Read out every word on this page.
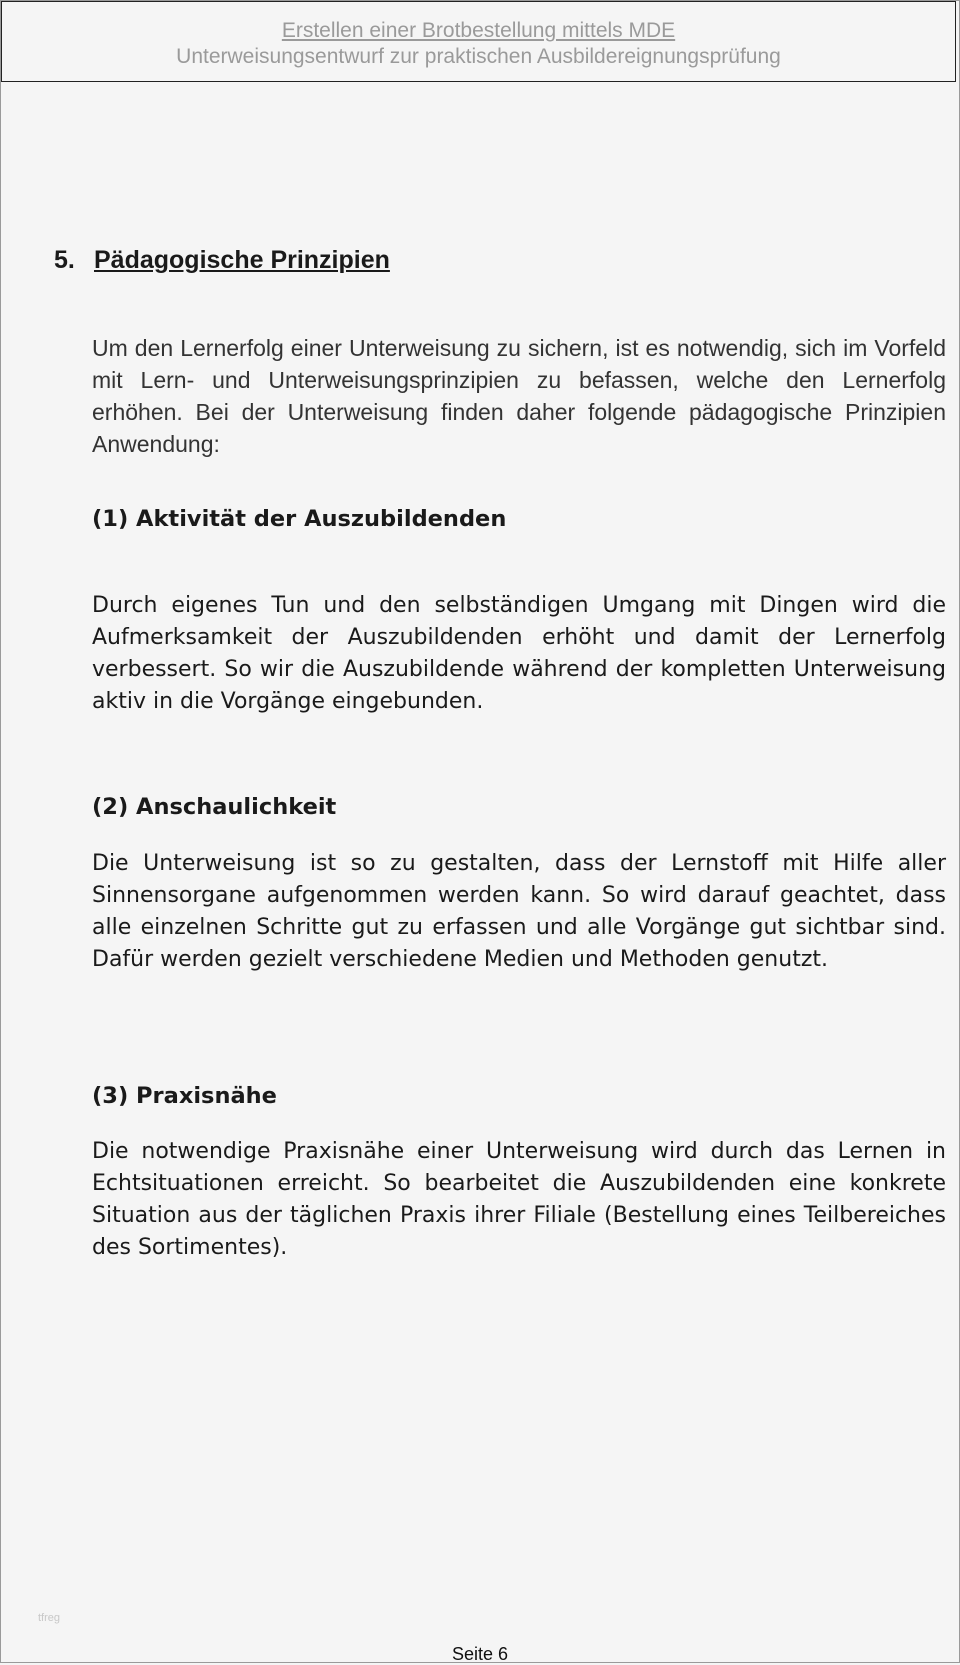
Erstellen einer Brotbestellung mittels MDE
Unterweisungsentwurf zur praktischen Ausbildereignungsprüfung
5. Pädagogische Prinzipien

Um den Lernerfolg einer Unterweisung zu sichern, ist es notwendig, sich im Vorfeld mit Lern- und Unterweisungsprinzipien zu befassen, welche den Lernerfolg erhöhen. Bei der Unterweisung finden daher folgende pädagogische Prinzipien Anwendung:

(1) Aktivität der Auszubildenden

Durch eigenes Tun und den selbständigen Umgang mit Dingen wird die Aufmerksamkeit der Auszubildenden erhöht und damit der Lernerfolg verbessert. So wir die Auszubildende während der kompletten Unterweisung aktiv in die Vorgänge eingebunden.

(2) Anschaulichkeit

Die Unterweisung ist so zu gestalten, dass der Lernstoff mit Hilfe aller Sinnensorgane aufgenommen werden kann. So wird darauf geachtet, dass alle einzelnen Schritte gut zu erfassen und alle Vorgänge gut sichtbar sind. Dafür werden gezielt verschiedene Medien und Methoden genutzt.

(3) Praxisnähe

Die notwendige Praxisnähe einer Unterweisung wird durch das Lernen in Echtsituationen erreicht. So bearbeitet die Auszubildenden eine konkrete Situation aus der täglichen Praxis ihrer Filiale (Bestellung eines Teilbereiches des Sortimentes).

tfreg
Seite 6
